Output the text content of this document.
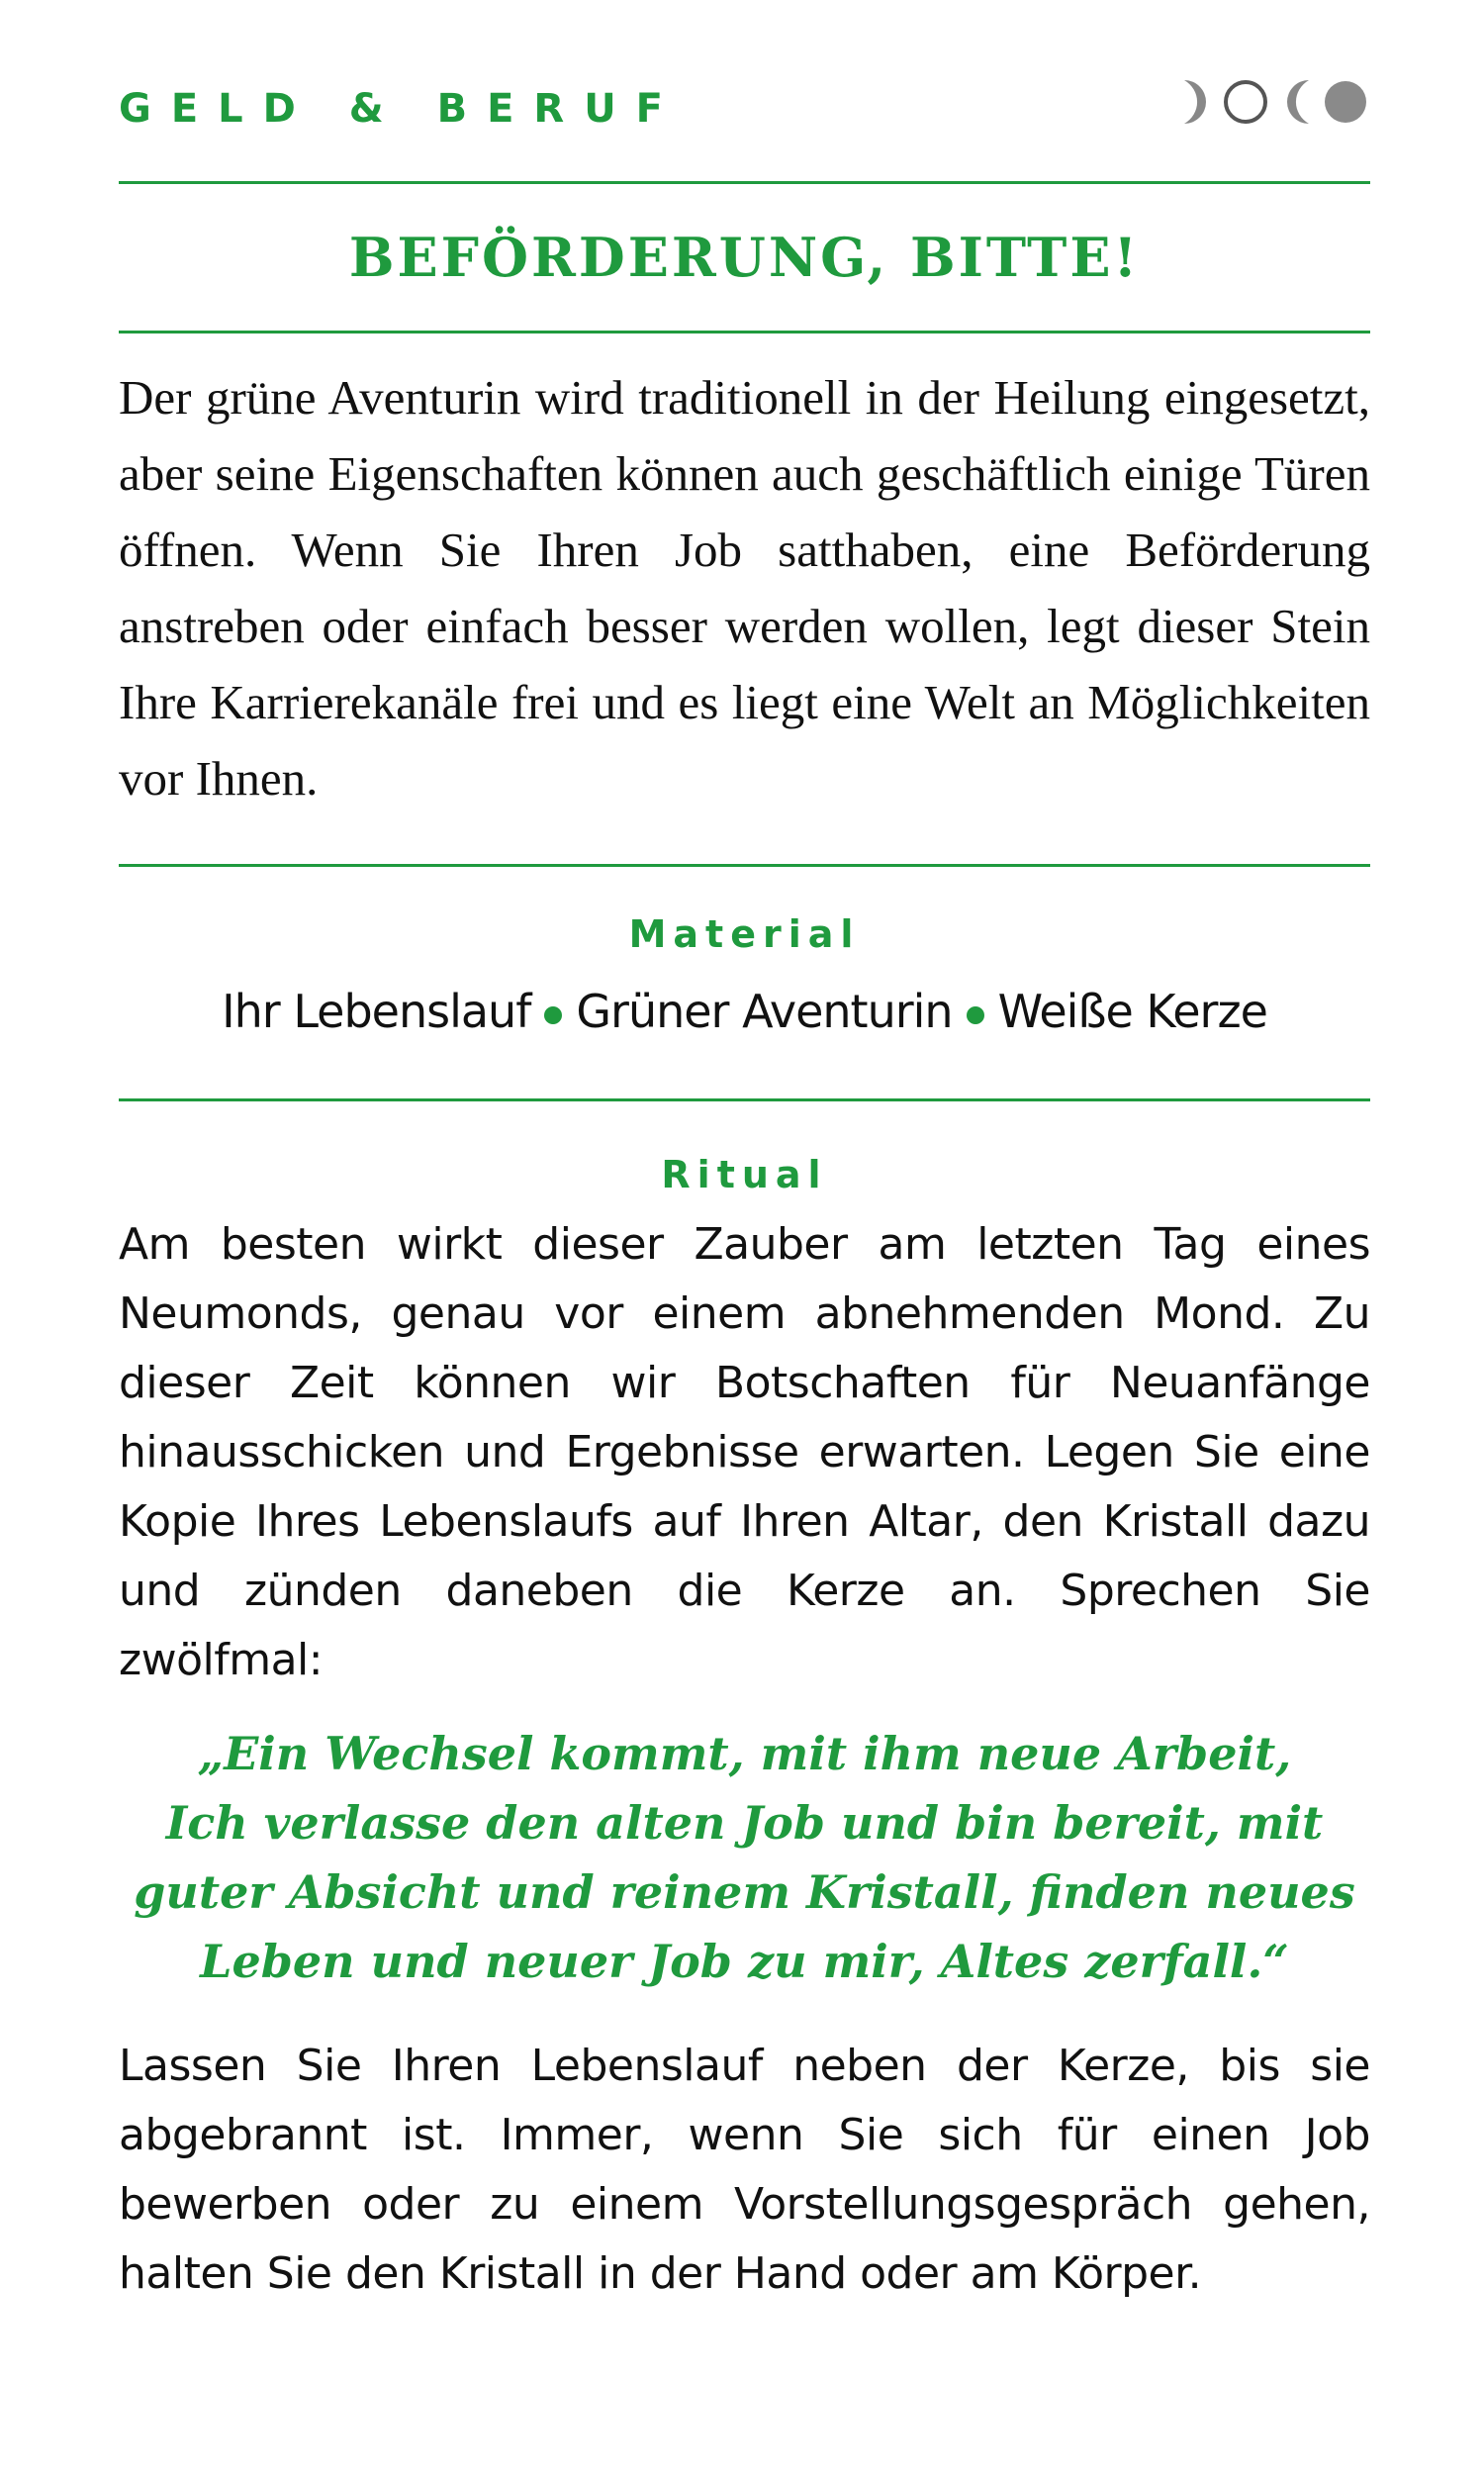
GELD & BERUF
BEFÖRDERUNG, BITTE!
Der grüne Aventurin wird traditionell in der Heilung eingesetzt, aber seine Eigenschaften können auch geschäftlich einige Türen öffnen. Wenn Sie Ihren Job satthaben, eine Beförderung anstreben oder einfach besser werden wollen, legt dieser Stein Ihre Karrierekanäle frei und es liegt eine Welt an Möglichkeiten vor Ihnen.
Material
Ihr Lebenslauf Grüner Aventurin Weiße Kerze
Ritual
Am besten wirkt dieser Zauber am letzten Tag eines Neumonds, genau vor einem abnehmenden Mond. Zu dieser Zeit können wir Botschaften für Neuanfänge hinausschicken und Ergebnisse erwarten. Legen Sie eine Kopie Ihres Lebenslaufs auf Ihren Altar, den Kristall dazu und zünden daneben die Kerze an. Sprechen Sie zwölfmal:
„Ein Wechsel kommt, mit ihm neue Arbeit,
Ich verlasse den alten Job und bin bereit, mit
guter Absicht und reinem Kristall, finden neues
Leben und neuer Job zu mir, Altes zerfall.“
Lassen Sie Ihren Lebenslauf neben der Kerze, bis sie abgebrannt ist. Immer, wenn Sie sich für einen Job bewerben oder zu einem Vorstellungsgespräch gehen, halten Sie den Kristall in der Hand oder am Körper.
